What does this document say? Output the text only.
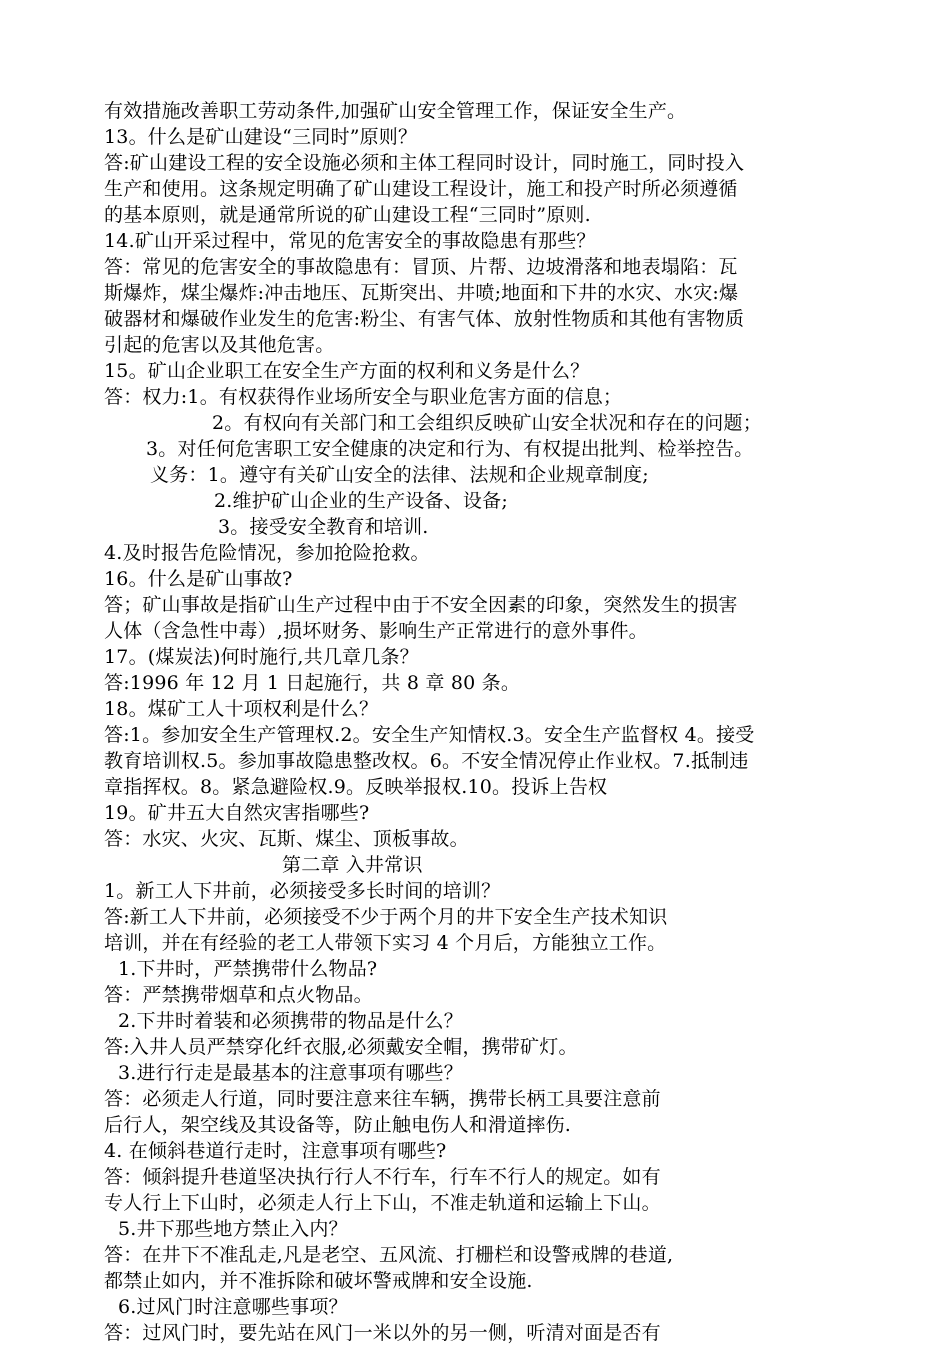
有效措施改善职工劳动条件,加强矿山安全管理工作，保证安全生产。
13。什么是矿山建设“三同时”原则？
答:矿山建设工程的安全设施必须和主体工程同时设计，同时施工，同时投入
生产和使用。这条规定明确了矿山建设工程设计，施工和投产时所必须遵循
的基本原则，就是通常所说的矿山建设工程“三同时”原则.
14.矿山开采过程中，常见的危害安全的事故隐患有那些？
答：常见的危害安全的事故隐患有：冒顶、片帮、边坡滑落和地表塌陷：瓦
斯爆炸，煤尘爆炸:冲击地压、瓦斯突出、井喷;地面和下井的水灾、水灾:爆
破器材和爆破作业发生的危害:粉尘、有害气体、放射性物质和其他有害物质
引起的危害以及其他危害。
15。矿山企业职工在安全生产方面的权利和义务是什么？
答：权力:1。有权获得作业场所安全与职业危害方面的信息；
2。有权向有关部门和工会组织反映矿山安全状况和存在的问题；
3。对任何危害职工安全健康的决定和行为、有权提出批判、检举控告。
义务：1。遵守有关矿山安全的法律、法规和企业规章制度;
2.维护矿山企业的生产设备、设备;
3。接受安全教育和培训.
4.及时报告危险情况，参加抢险抢救。
16。什么是矿山事故?
答；矿山事故是指矿山生产过程中由于不安全因素的印象，突然发生的损害
人体（含急性中毒）,损坏财务、影响生产正常进行的意外事件。
17。(煤炭法)何时施行,共几章几条？
答:1996 年 12 月 1 日起施行，共 8 章 80 条。
18。煤矿工人十项权利是什么？
答:1。参加安全生产管理权.2。安全生产知情权.3。安全生产监督权 4。接受
教育培训权.5。参加事故隐患整改权。6。不安全情况停止作业权。7.抵制违
章指挥权。8。紧急避险权.9。反映举报权.10。投诉上告权
19。矿井五大自然灾害指哪些?
答：水灾、火灾、瓦斯、煤尘、顶板事故。
第二章 入井常识
1。新工人下井前，必须接受多长时间的培训？
答:新工人下井前，必须接受不少于两个月的井下安全生产技术知识
培训，并在有经验的老工人带领下实习 4 个月后，方能独立工作。
1.下井时，严禁携带什么物品?
答：严禁携带烟草和点火物品。
2.下井时着装和必须携带的物品是什么？
答:入井人员严禁穿化纤衣服,必须戴安全帽，携带矿灯。
3.进行行走是最基本的注意事项有哪些？
答：必须走人行道，同时要注意来往车辆，携带长柄工具要注意前
后行人，架空线及其设备等，防止触电伤人和滑道摔伤.
4. 在倾斜巷道行走时，注意事项有哪些?
答：倾斜提升巷道坚决执行行人不行车，行车不行人的规定。如有
专人行上下山时，必须走人行上下山，不准走轨道和运输上下山。
5.井下那些地方禁止入内？
答：在井下不准乱走,凡是老空、五风流、打栅栏和设警戒牌的巷道,
都禁止如内，并不准拆除和破坏警戒牌和安全设施.
6.过风门时注意哪些事项？
答：过风门时，要先站在风门一米以外的另一侧，听清对面是否有
